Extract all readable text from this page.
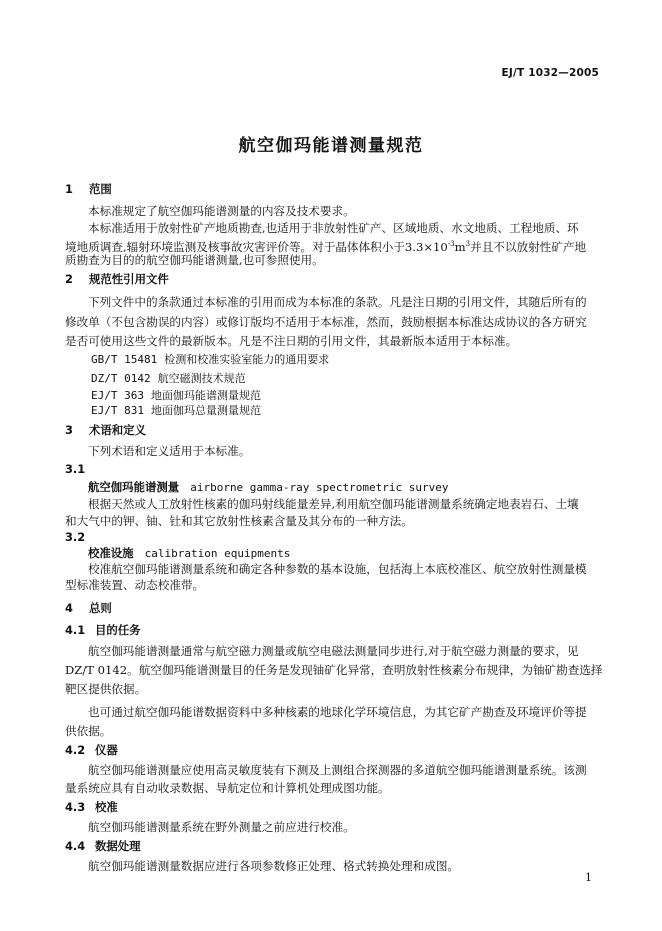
EJ/T 1032—2005
航空伽玛能谱测量规范
1 范围
本标准规定了航空伽玛能谱测量的内容及技术要求。
本标准适用于放射性矿产地质勘查,也适用于非放射性矿产、区域地质、水文地质、工程地质、环
境地质调查,辐射环境监测及核事故灾害评价等。对于晶体体积小于$3.3\times 10^{-3}m^3$并且不以放射性矿产地
质勘查为目的的航空伽玛能谱测量,也可参照使用。
2 规范性引用文件
下列文件中的条款通过本标准的引用而成为本标准的条款。凡是注日期的引用文件，其随后所有的
修改单（不包含勘误的内容）或修订版均不适用于本标准，然而，鼓励根据本标准达成协议的各方研究
是否可使用这些文件的最新版本。凡是不注日期的引用文件，其最新版本适用于本标准。
GB/T 15481 检测和校准实验室能力的通用要求
DZ/T 0142 航空磁测技术规范
EJ/T 363 地面伽玛能谱测量规范
EJ/T 831 地面伽玛总量测量规范
3 术语和定义
下列术语和定义适用于本标准。
3.1
航空伽玛能谱测量 airborne gamma-ray spectrometric survey
根据天然或人工放射性核素的伽玛射线能量差异,利用航空伽玛能谱测量系统确定地表岩石、土壤
和大气中的钾、铀、钍和其它放射性核素含量及其分布的一种方法。
3.2
校准设施 calibration equipments
校准航空伽玛能谱测量系统和确定各种参数的基本设施，包括海上本底校准区、航空放射性测量模
型标准装置、动态校准带。
4 总则
4.1 目的任务
航空伽玛能谱测量通常与航空磁力测量或航空电磁法测量同步进行,对于航空磁力测量的要求，见
DZ/T 0142。航空伽玛能谱测量目的任务是发现铀矿化异常，查明放射性核素分布规律，为铀矿勘查选择
靶区提供依据。
也可通过航空伽玛能谱数据资料中多种核素的地球化学环境信息，为其它矿产勘查及环境评价等提
供依据。
4.2 仪器
航空伽玛能谱测量应使用高灵敏度装有下测及上测组合探测器的多道航空伽玛能谱测量系统。该测
量系统应具有自动收录数据、导航定位和计算机处理成图功能。
4.3 校准
航空伽玛能谱测量系统在野外测量之前应进行校准。
4.4 数据处理
航空伽玛能谱测量数据应进行各项参数修正处理、格式转换处理和成图。
1
